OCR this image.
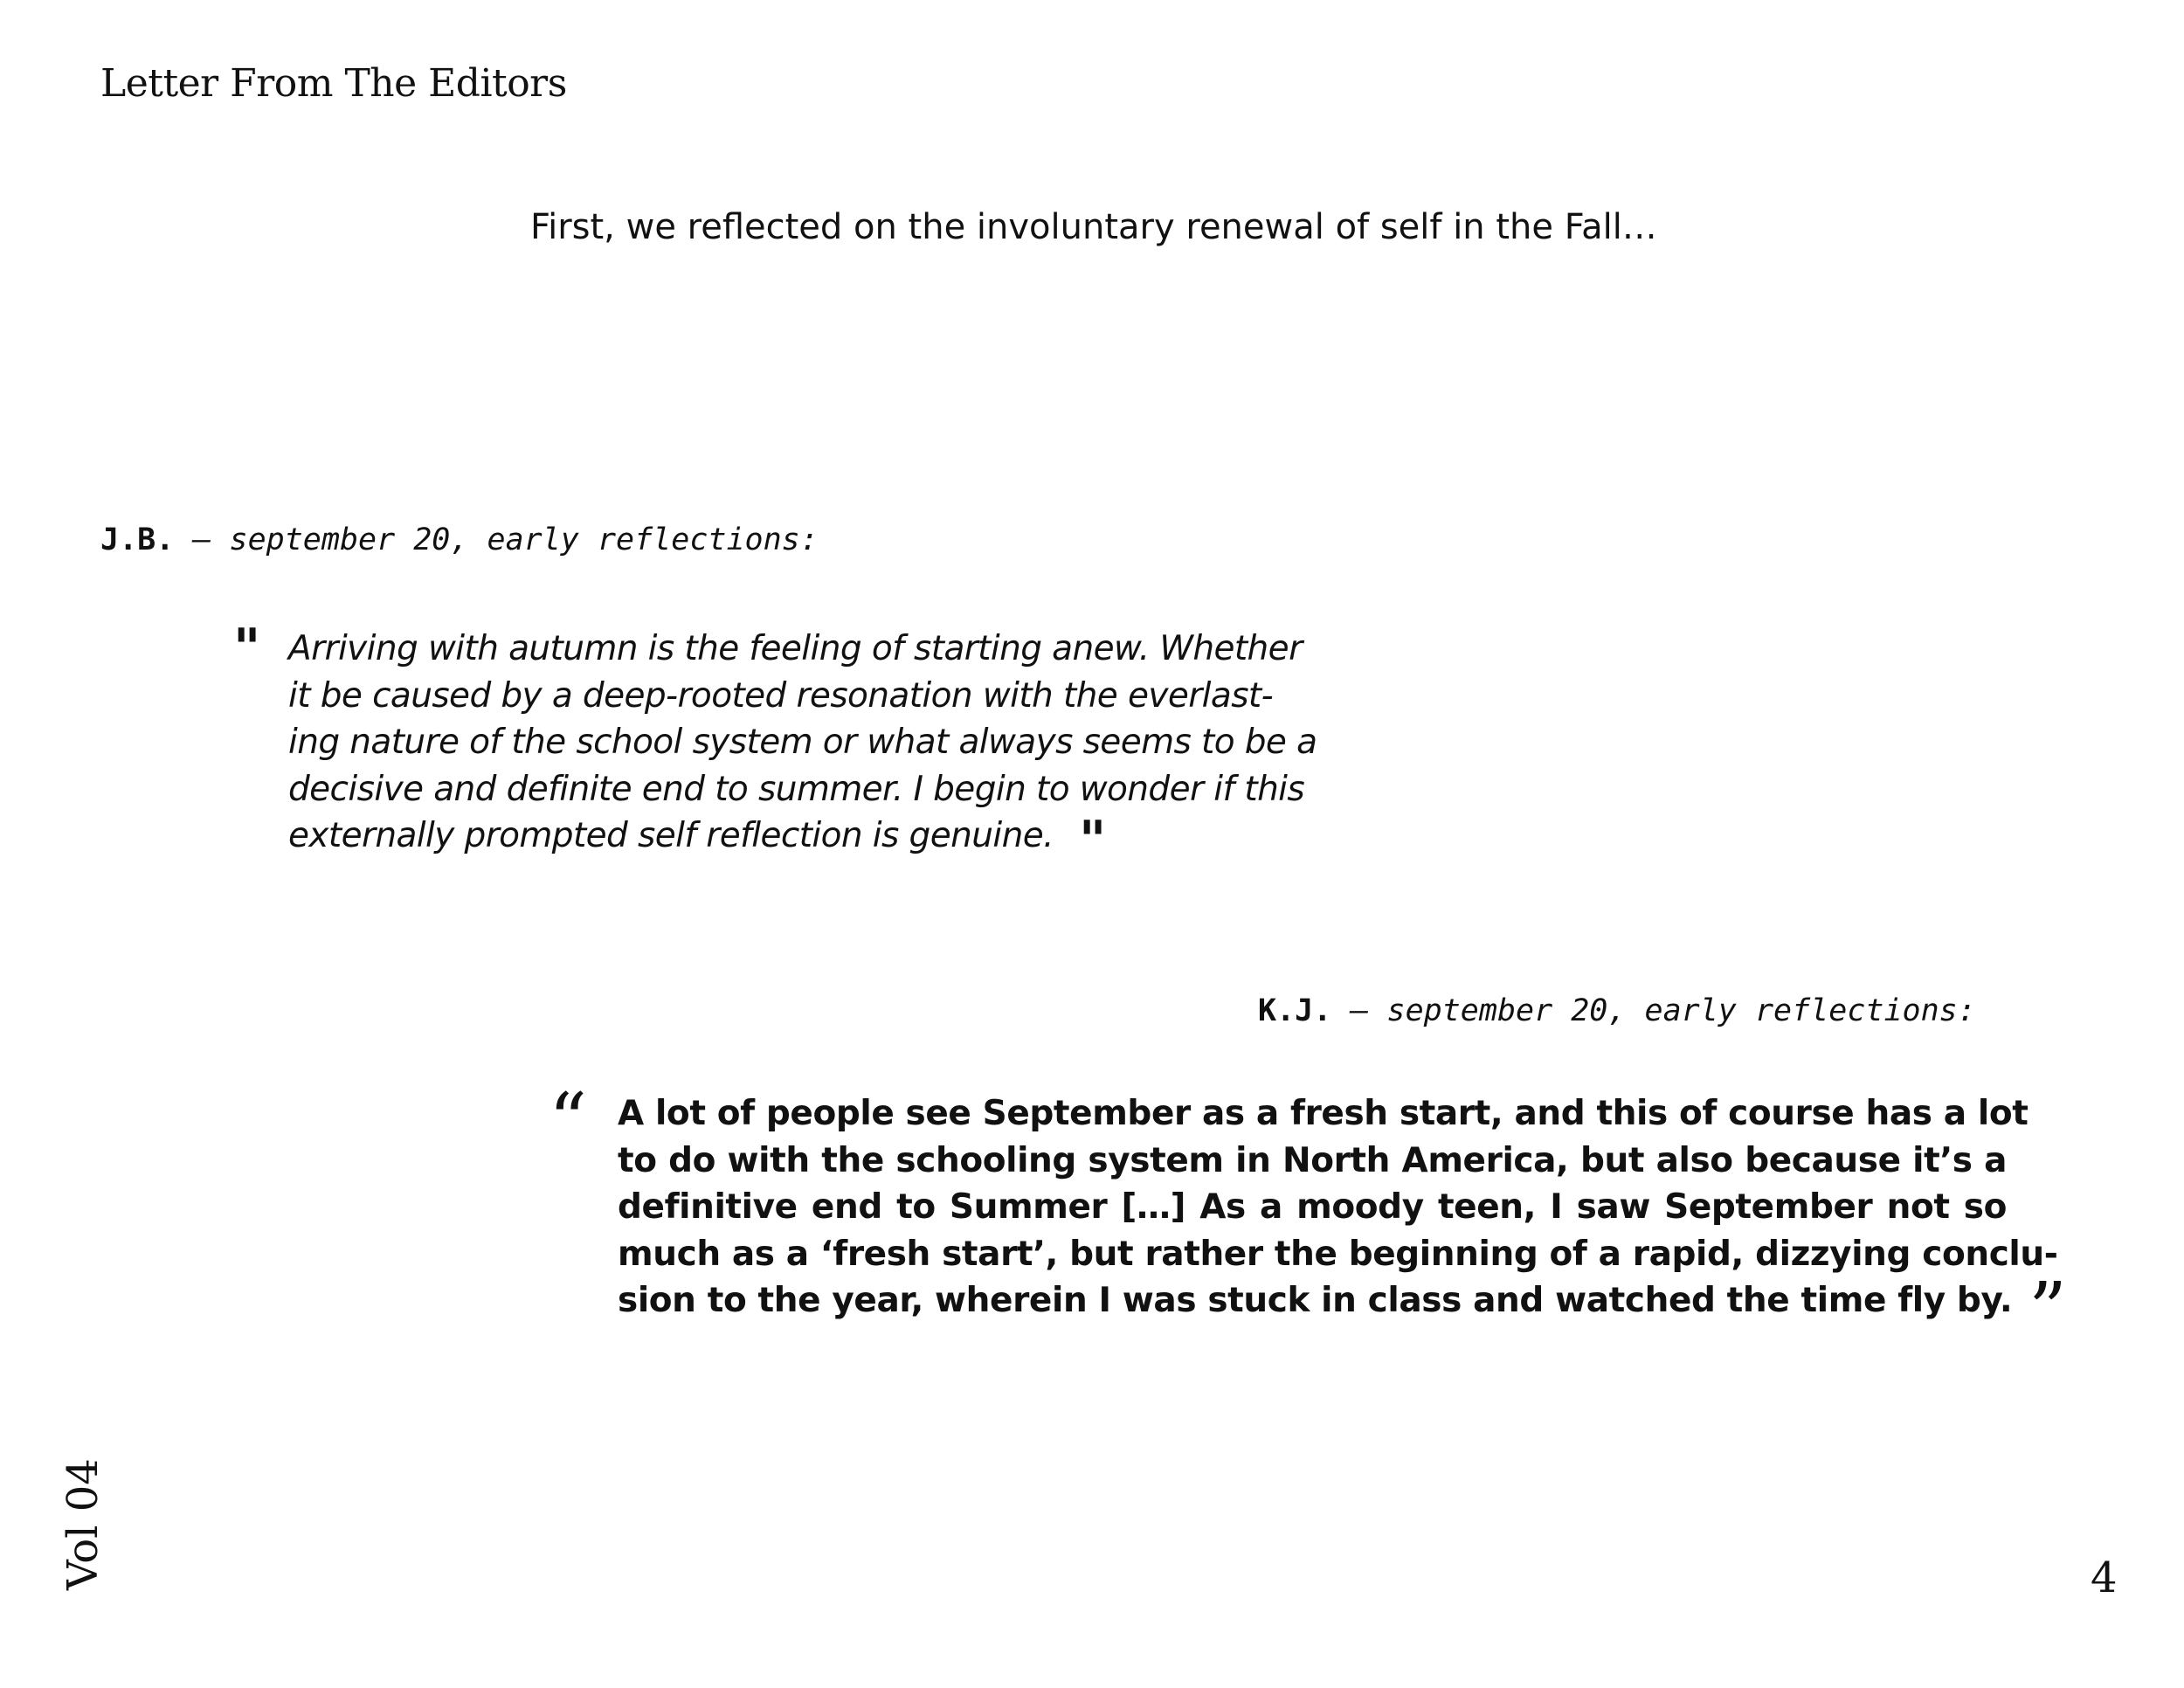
Letter From The Editors

First, we reflected on the involuntary renewal of self in the Fall…

J.B. – september 20, early reflections:

" Arriving with autumn is the feeling of starting anew. Whether
it be caused by a deep-rooted resonation with the everlast-
ing nature of the school system or what always seems to be a
decisive and definite end to summer. I begin to wonder if this
externally prompted self reflection is genuine. "

K.J. – september 20, early reflections:

“ A lot of people see September as a fresh start, and this of course has a lot
to do with the schooling system in North America, but also because it’s a
definitive end to Summer […] As a moody teen, I saw September not so
much as a ‘fresh start’, but rather the beginning of a rapid, dizzying conclu-
sion to the year, wherein I was stuck in class and watched the time fly by. ”

Vol 04	4
